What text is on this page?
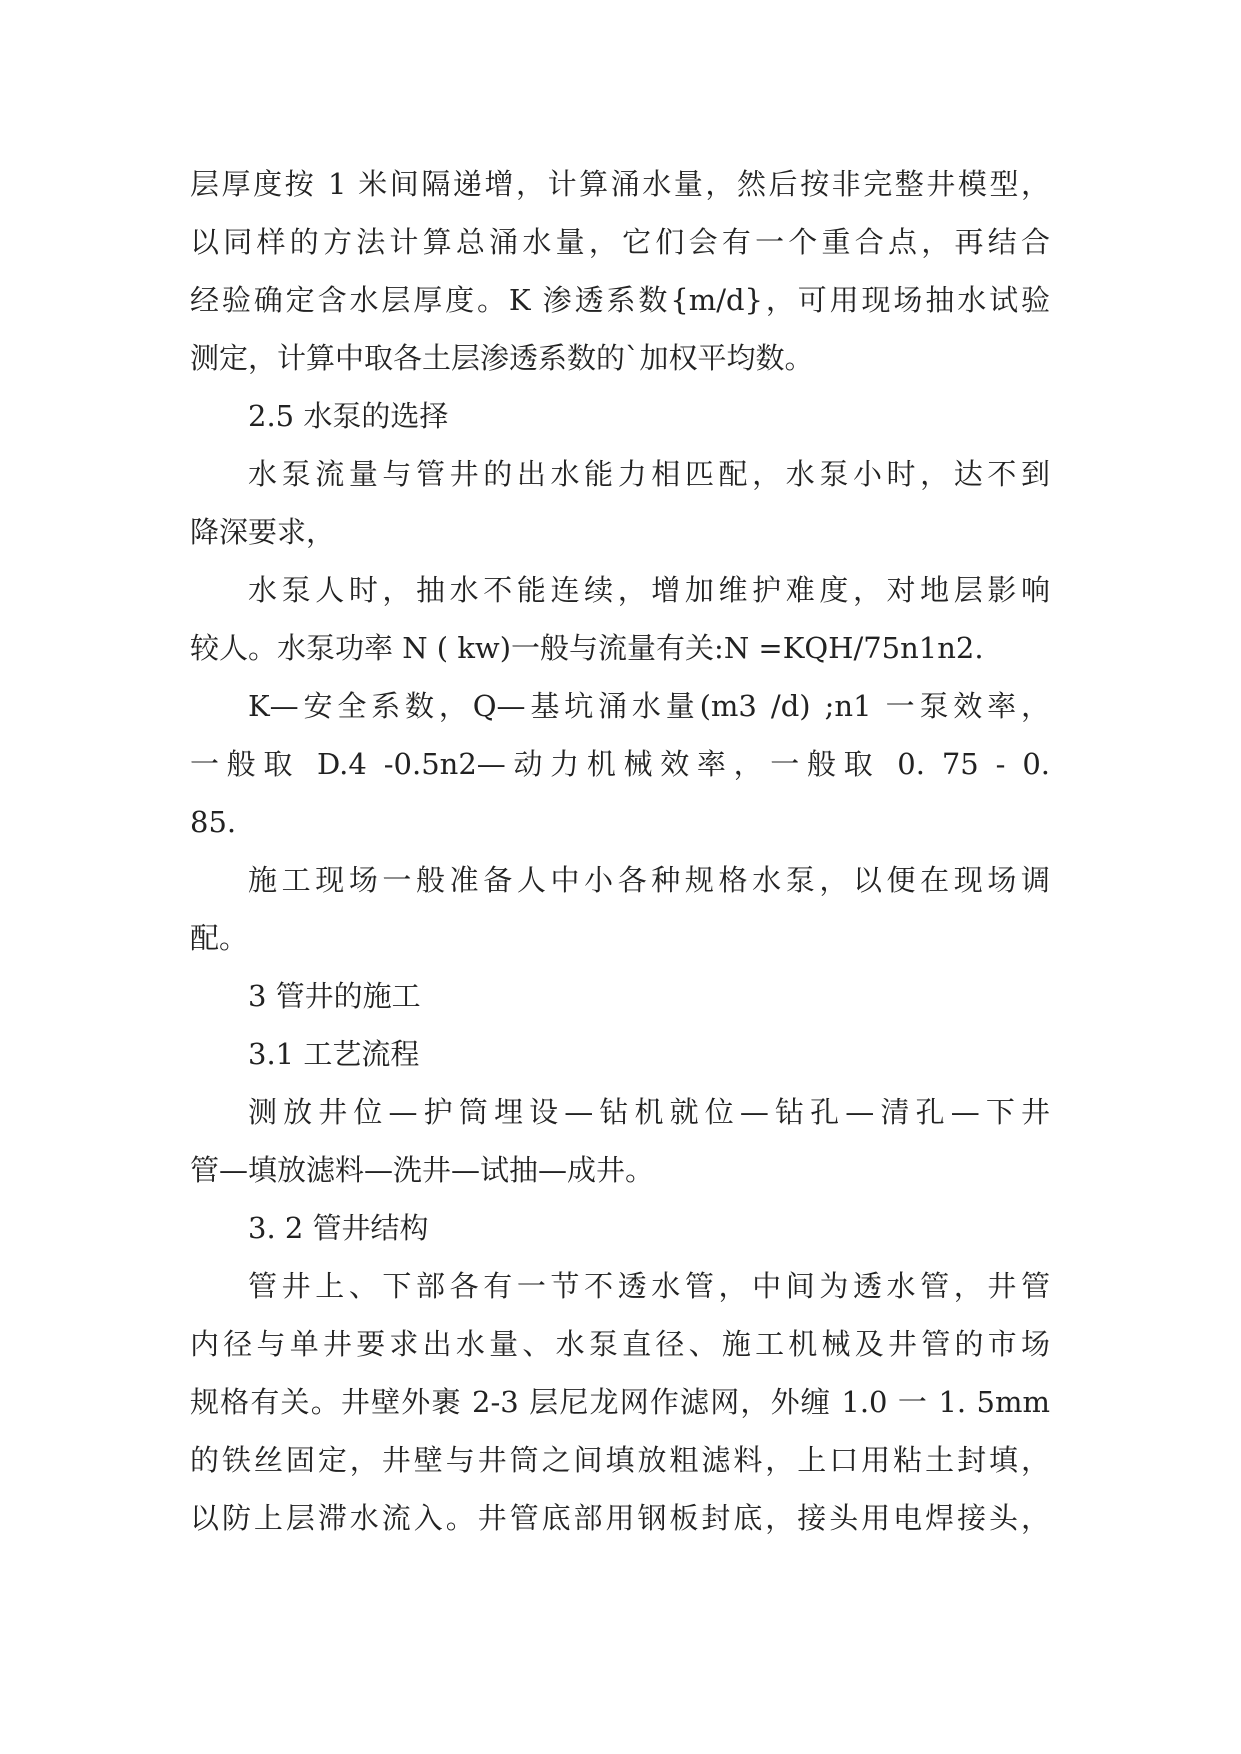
层厚度按 1 米间隔递增，计算涌水量，然后按非完整井模型，
以同样的方法计算总涌水量，它们会有一个重合点，再结合
经验确定含水层厚度。K 渗透系数{m/d}，可用现场抽水试验
测定，计算中取各土层渗透系数的`加权平均数。
2.5 水泵的选择
水泵流量与管井的出水能力相匹配，水泵小时，达不到
降深要求，
水泵人时，抽水不能连续，增加维护难度，对地层影响
较人。水泵功率 N ( kw)一般与流量有关:N =KQH/75n1n2.
K—安全系数，Q—基坑涌水量(m3 /d) ;n1 一泵效率，
一般取 D.4 -0.5n2—动力机械效率，一般取 0. 75 - 0.
85.
施工现场一般准备人中小各种规格水泵，以便在现场调
配。
3 管井的施工
3.1 工艺流程
测放井位—护筒埋设—钻机就位—钻孔—清孔—下井
管—填放滤料—洗井—试抽—成井。
3. 2 管井结构
管井上、下部各有一节不透水管，中间为透水管，井管
内径与单井要求出水量、水泵直径、施工机械及井管的市场
规格有关。井壁外裹 2-3 层尼龙网作滤网，外缠 1.0 一 1. 5mm
的铁丝固定，井壁与井筒之间填放粗滤料，上口用粘土封填，
以防上层滞水流入。井管底部用钢板封底，接头用电焊接头，
